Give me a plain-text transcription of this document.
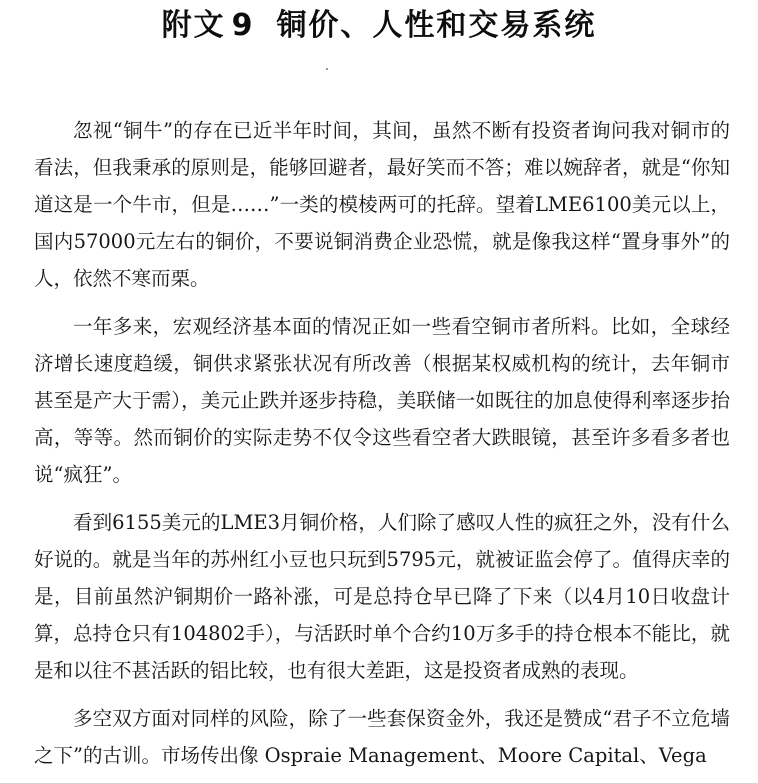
附文 9 铜价、人性和交易系统

忽视“铜牛”的存在已近半年时间，其间，虽然不断有投资者询问我对铜市的看法，但我秉承的原则是，能够回避者，最好笑而不答；难以婉辞者，就是“你知道这是一个牛市，但是……”一类的模棱两可的托辞。望着LME6100美元以上，国内57000元左右的铜价，不要说铜消费企业恐慌，就是像我这样“置身事外”的人，依然不寒而栗。

一年多来，宏观经济基本面的情况正如一些看空铜市者所料。比如，全球经济增长速度趋缓，铜供求紧张状况有所改善（根据某权威机构的统计，去年铜市甚至是产大于需），美元止跌并逐步持稳，美联储一如既往的加息使得利率逐步抬高，等等。然而铜价的实际走势不仅令这些看空者大跌眼镜，甚至许多看多者也说“疯狂”。

看到6155美元的LME3月铜价格，人们除了感叹人性的疯狂之外，没有什么好说的。就是当年的苏州红小豆也只玩到5795元，就被证监会停了。值得庆幸的是，目前虽然沪铜期价一路补涨，可是总持仓早已降了下来（以4月10日收盘计算，总持仓只有104802手），与活跃时单个合约10万多手的持仓根本不能比，就是和以往不甚活跃的铝比较，也有很大差距，这是投资者成熟的表现。

多空双方面对同样的风险，除了一些套保资金外，我还是赞成“君子不立危墙之下”的古训。市场传出像 Ospraie Management、Moore Capital、Vega
